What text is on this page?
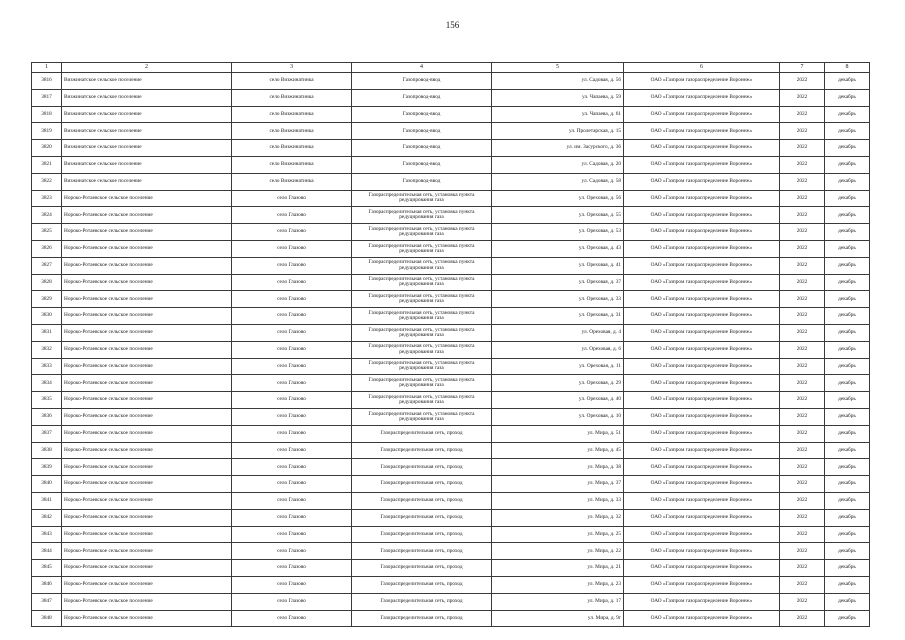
156
1	2	3	4	5	6	7	8
3816	Визжинатское сельское поселение	село Визжинатинка	Газопровод-ввод	ул. Садовая, д. 56	ОАО «Газпром газораспределение Воронеж»	2022	декабрь
3817	Визжинатское сельское поселение	село Визжинатинка	Газопровод-ввод	ул. Чапаева, д. 59	ОАО «Газпром газораспределение Воронеж»	2022	декабрь
3818	Визжинатское сельское поселение	село Визжинатинка	Газопровод-ввод	ул. Чапаева, д. 61	ОАО «Газпром газораспределение Воронеж»	2022	декабрь
3819	Визжинатское сельское поселение	село Визжинатинка	Газопровод-ввод	ул. Пролетарская, д. 15	ОАО «Газпром газораспределение Воронеж»	2022	декабрь
3820	Визжинатское сельское поселение	село Визжинатинка	Газопровод-ввод	ул. им. Засурского, д. 36	ОАО «Газпром газораспределение Воронеж»	2022	декабрь
3821	Визжинатское сельское поселение	село Визжинатинка	Газопровод-ввод	ул. Садовая, д. 20	ОАО «Газпром газораспределение Воронеж»	2022	декабрь
3822	Визжинатское сельское поселение	село Визжинатинка	Газопровод-ввод	ул. Садовая, д. 58	ОАО «Газпром газораспределение Воронеж»	2022	декабрь
3823	Нороко-Ротаевское сельское поселение	село Глазово	Газораспределительная сеть, установка пункта редуцирования газа	ул. Ореховая, д. 56	ОАО «Газпром газораспределение Воронеж»	2022	декабрь
3824	Нороко-Ротаевское сельское поселение	село Глазово	Газораспределительная сеть, установка пункта редуцирования газа	ул. Ореховая, д. 55	ОАО «Газпром газораспределение Воронеж»	2022	декабрь
3825	Нороко-Ротаевское сельское поселение	село Глазово	Газораспределительная сеть, установка пункта редуцирования газа	ул. Ореховая, д. 53	ОАО «Газпром газораспределение Воронеж»	2022	декабрь
3826	Нороко-Ротаевское сельское поселение	село Глазово	Газораспределительная сеть, установка пункта редуцирования газа	ул. Ореховая, д. 43	ОАО «Газпром газораспределение Воронеж»	2022	декабрь
3827	Нороко-Ротаевское сельское поселение	село Глазово	Газораспределительная сеть, установка пункта редуцирования газа	ул. Ореховая, д. 41	ОАО «Газпром газораспределение Воронеж»	2022	декабрь
3828	Нороко-Ротаевское сельское поселение	село Глазово	Газораспределительная сеть, установка пункта редуцирования газа	ул. Ореховая, д. 37	ОАО «Газпром газораспределение Воронеж»	2022	декабрь
3829	Нороко-Ротаевское сельское поселение	село Глазово	Газораспределительная сеть, установка пункта редуцирования газа	ул. Ореховая, д. 33	ОАО «Газпром газораспределение Воронеж»	2022	декабрь
3830	Нороко-Ротаевское сельское поселение	село Глазово	Газораспределительная сеть, установка пункта редуцирования газа	ул. Ореховая, д. 31	ОАО «Газпром газораспределение Воронеж»	2022	декабрь
3831	Нороко-Ротаевское сельское поселение	село Глазово	Газораспределительная сеть, установка пункта редуцирования газа	ул. Ореховая, д. 4	ОАО «Газпром газораспределение Воронеж»	2022	декабрь
3832	Нороко-Ротаевское сельское поселение	село Глазово	Газораспределительная сеть, установка пункта редуцирования газа	ул. Ореховая, д. 6	ОАО «Газпром газораспределение Воронеж»	2022	декабрь
3833	Нороко-Ротаевское сельское поселение	село Глазово	Газораспределительная сеть, установка пункта редуцирования газа	ул. Ореховая, д. 11	ОАО «Газпром газораспределение Воронеж»	2022	декабрь
3834	Нороко-Ротаевское сельское поселение	село Глазово	Газораспределительная сеть, установка пункта редуцирования газа	ул. Ореховая, д. 29	ОАО «Газпром газораспределение Воронеж»	2022	декабрь
3835	Нороко-Ротаевское сельское поселение	село Глазово	Газораспределительная сеть, установка пункта редуцирования газа	ул. Ореховая, д. 40	ОАО «Газпром газораспределение Воронеж»	2022	декабрь
3836	Нороко-Ротаевское сельское поселение	село Глазово	Газораспределительная сеть, установка пункта редуцирования газа	ул. Ореховая, д. 10	ОАО «Газпром газораспределение Воронеж»	2022	декабрь
3837	Нороко-Ротаевское сельское поселение	село Глазово	Газораспределительная сеть, проход	ул. Мира, д. 51	ОАО «Газпром газораспределение Воронеж»	2022	декабрь
3838	Нороко-Ротаевское сельское поселение	село Глазово	Газораспределительная сеть, проход	ул. Мира, д. 45	ОАО «Газпром газораспределение Воронеж»	2022	декабрь
3839	Нороко-Ротаевское сельское поселение	село Глазово	Газораспределительная сеть, проход	ул. Мира, д. 38	ОАО «Газпром газораспределение Воронеж»	2022	декабрь
3840	Нороко-Ротаевское сельское поселение	село Глазово	Газораспределительная сеть, проход	ул. Мира, д. 37	ОАО «Газпром газораспределение Воронеж»	2022	декабрь
3841	Нороко-Ротаевское сельское поселение	село Глазово	Газораспределительная сеть, проход	ул. Мира, д. 33	ОАО «Газпром газораспределение Воронеж»	2022	декабрь
3842	Нороко-Ротаевское сельское поселение	село Глазово	Газораспределительная сеть, проход	ул. Мира, д. 32	ОАО «Газпром газораспределение Воронеж»	2022	декабрь
3843	Нороко-Ротаевское сельское поселение	село Глазово	Газораспределительная сеть, проход	ул. Мира, д. 25	ОАО «Газпром газораспределение Воронеж»	2022	декабрь
3844	Нороко-Ротаевское сельское поселение	село Глазово	Газораспределительная сеть, проход	ул. Мира, д. 22	ОАО «Газпром газораспределение Воронеж»	2022	декабрь
3845	Нороко-Ротаевское сельское поселение	село Глазово	Газораспределительная сеть, проход	ул. Мира, д. 21	ОАО «Газпром газораспределение Воронеж»	2022	декабрь
3846	Нороко-Ротаевское сельское поселение	село Глазово	Газораспределительная сеть, проход	ул. Мира, д. 23	ОАО «Газпром газораспределение Воронеж»	2022	декабрь
3847	Нороко-Ротаевское сельское поселение	село Глазово	Газораспределительная сеть, проход	ул. Мира, д. 17	ОАО «Газпром газораспределение Воронеж»	2022	декабрь
3848	Нороко-Ротаевское сельское поселение	село Глазово	Газораспределительная сеть, проход	ул. Мира, д. 9г	ОАО «Газпром газораспределение Воронеж»	2022	декабрь
